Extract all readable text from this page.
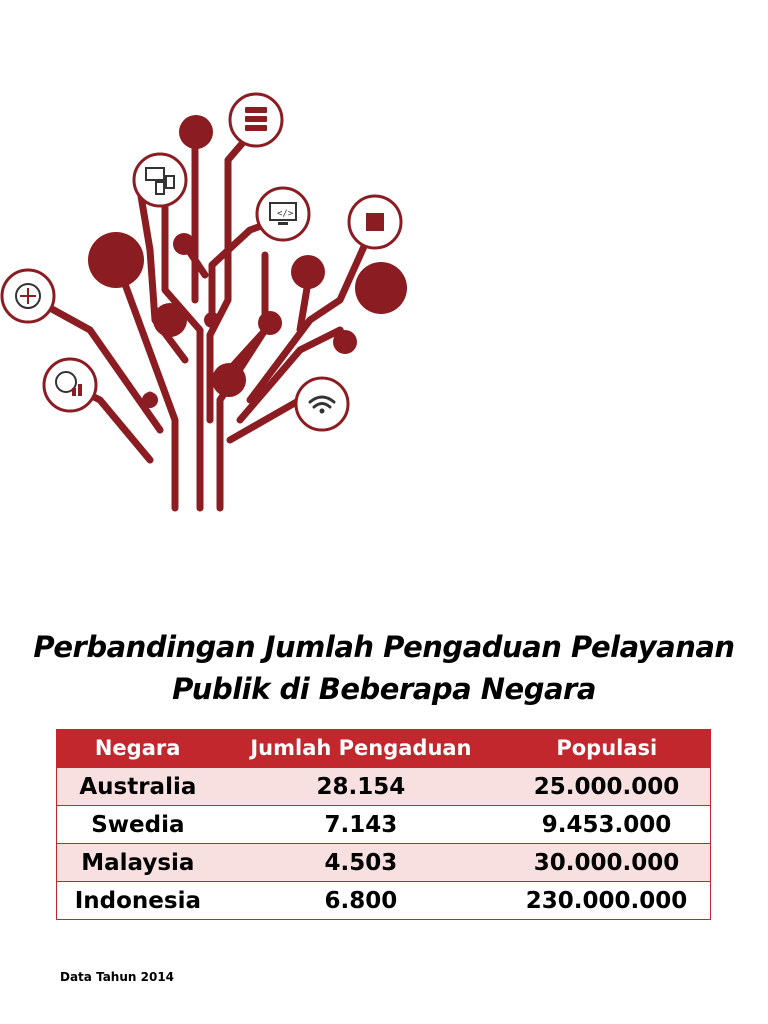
</>
Perbandingan Jumlah Pengaduan Pelayanan
Publik di Beberapa Negara
Negara	Jumlah Pengaduan	Populasi
Australia	28.154	25.000.000
Swedia	7.143	9.453.000
Malaysia	4.503	30.000.000
Indonesia	6.800	230.000.000
Data Tahun 2014
